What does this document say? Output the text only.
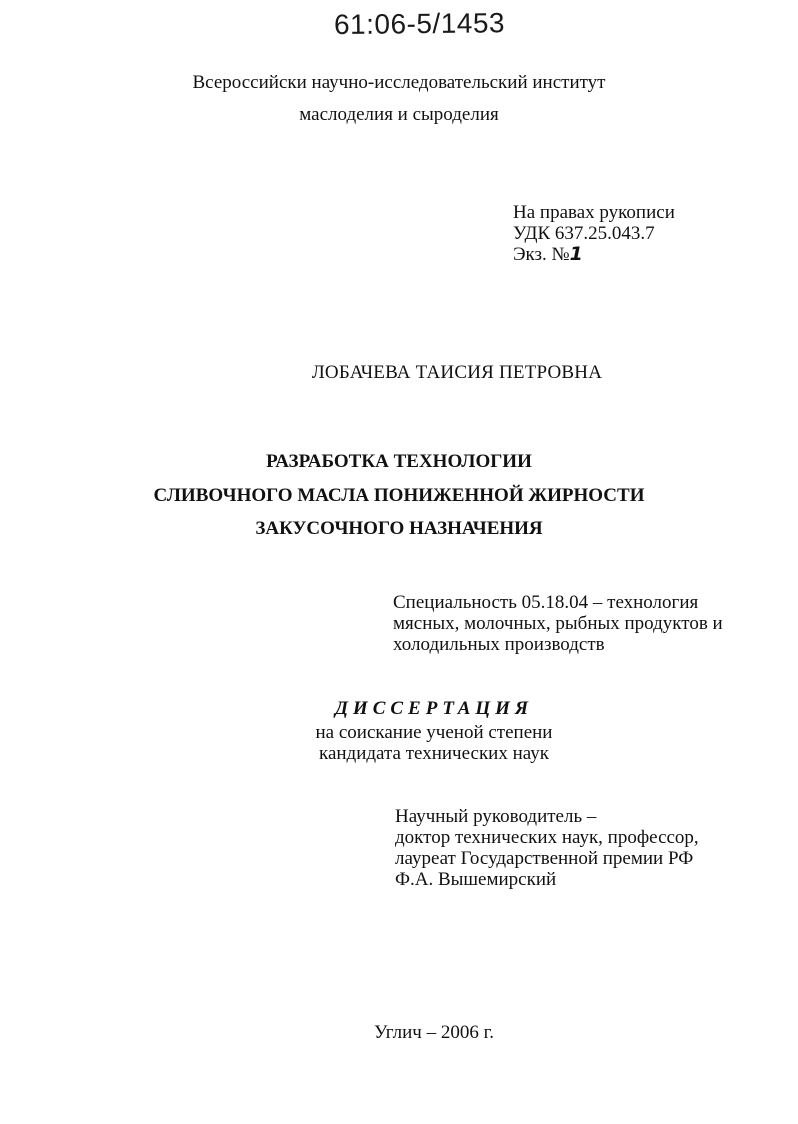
61:06-5/1453
Всероссийски научно-исследовательский институт
маслоделия и сыроделия
На правах рукописи
УДК 637.25.043.7
Экз. №1
ЛОБАЧЕВА ТАИСИЯ ПЕТРОВНА
РАЗРАБОТКА ТЕХНОЛОГИИ
СЛИВОЧНОГО МАСЛА ПОНИЖЕННОЙ ЖИРНОСТИ
ЗАКУСОЧНОГО НАЗНАЧЕНИЯ
Специальность 05.18.04 – технология
мясных, молочных, рыбных продуктов и
холодильных производств
ДИССЕРТАЦИЯ
на соискание ученой степени
кандидата технических наук
Научный руководитель –
доктор технических наук, профессор,
лауреат Государственной премии РФ
Ф.А. Вышемирский
Углич – 2006 г.
